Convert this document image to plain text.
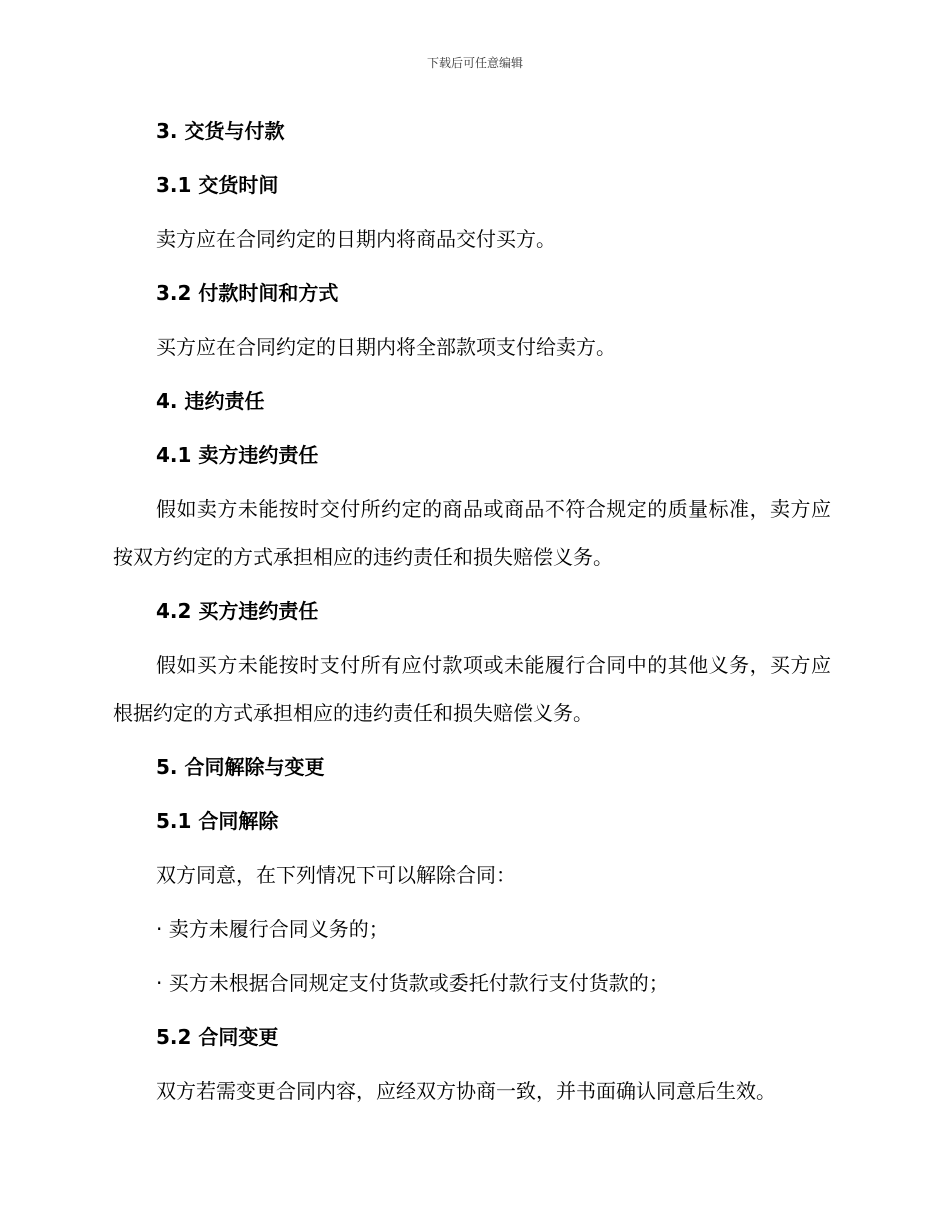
下载后可任意编辑
3. 交货与付款
3.1 交货时间

卖方应在合同约定的日期内将商品交付买方。

3.2 付款时间和方式

买方应在合同约定的日期内将全部款项支付给卖方。

4. 违约责任
4.1 卖方违约责任

假如卖方未能按时交付所约定的商品或商品不符合规定的质量标准，卖方应按双方约定的方式承担相应的违约责任和损失赔偿义务。

4.2 买方违约责任

假如买方未能按时支付所有应付款项或未能履行合同中的其他义务，买方应根据约定的方式承担相应的违约责任和损失赔偿义务。

5. 合同解除与变更
5.1 合同解除

双方同意，在下列情况下可以解除合同：

· 卖方未履行合同义务的；

· 买方未根据合同规定支付货款或委托付款行支付货款的；

5.2 合同变更

双方若需变更合同内容，应经双方协商一致，并书面确认同意后生效。
